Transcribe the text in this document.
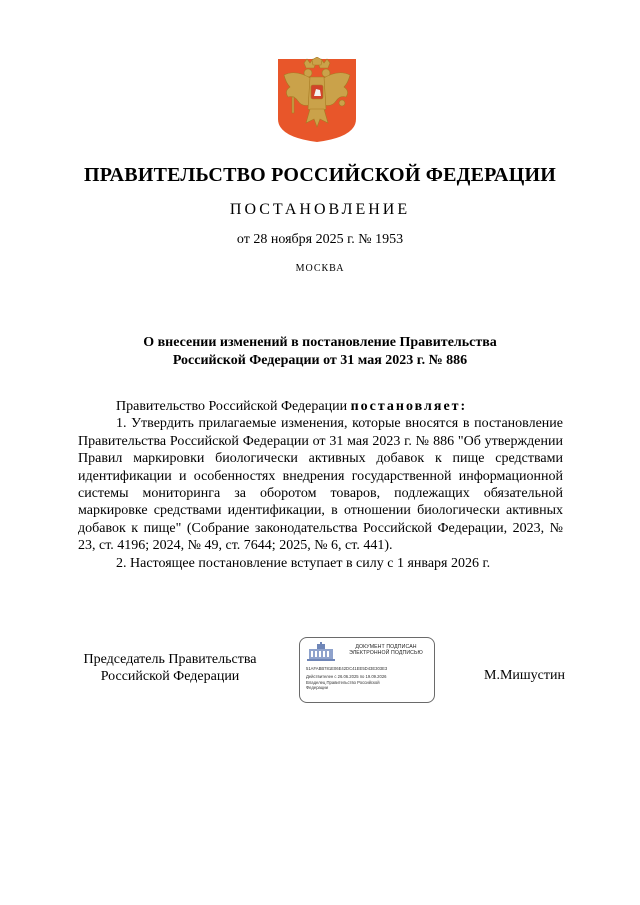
ПРАВИТЕЛЬСТВО РОССИЙСКОЙ ФЕДЕРАЦИИ
ПОСТАНОВЛЕНИЕ
от 28 ноября 2025 г. № 1953
МОСКВА
О внесении изменений в постановление Правительства
Российской Федерации от 31 мая 2023 г. № 886

Правительство Российской Федерации постановляет:

1. Утвердить прилагаемые изменения, которые вносятся в постановление Правительства Российской Федерации от 31 мая 2023 г. № 886 "Об утверждении Правил маркировки биологически активных добавок к пище средствами идентификации и особенностях внедрения государственной информационной системы мониторинга за оборотом товаров, подлежащих обязательной маркировке средствами идентификации, в отношении биологически активных добавок к пище" (Собрание законодательства Российской Федерации, 2023, № 23, ст. 4196; 2024, № 49, ст. 7644; 2025, № 6, ст. 441).

2. Настоящее постановление вступает в силу с 1 января 2026 г.

Председатель Правительства
Российской Федерации
ДОКУМЕНТ ПОДПИСАН
ЭЛЕКТРОННОЙ ПОДПИСЬЮ
51AFABB781E06E42DC41EE5D43E303E3
Действителен с 26.06.2025 по 19.09.2026
Владелец Правительство Российской
Федерации
М.Мишустин
